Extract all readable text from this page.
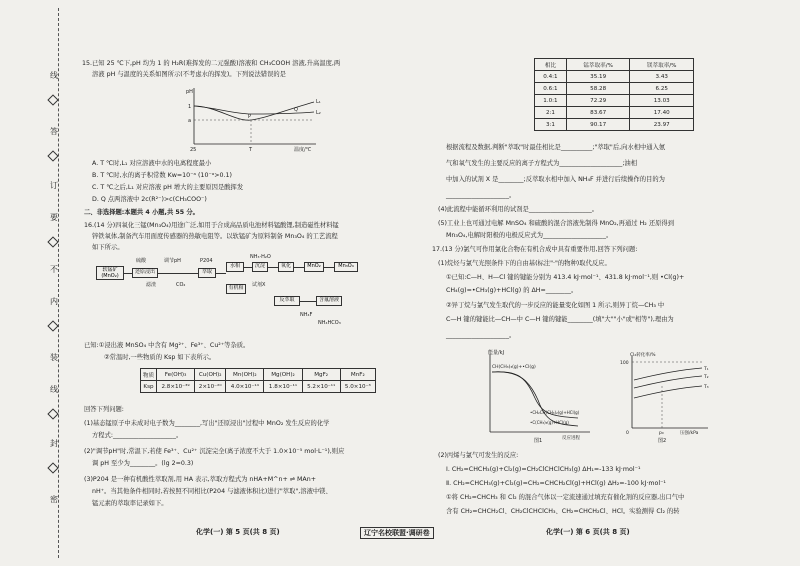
线
答
订
要
不
内
装
线
封
密
15.已知 25 ℃下,pH 均为 1 的 H₂R(难挥发的二元强酸)溶液和 CH₃COOH 溶液,升高温度,两
溶液 pH 与温度的关系如图所示(不考虑水的挥发)。下列说法错误的是
pH
1
a
25	T
P
Q
L₁
L₂
温度/℃
A. T ℃时,L₁ 对应溶液中水的电离程度最小
B. T ℃时,水的离子积常数 Kw=10⁻ᵃ (10⁻ᵃ>0.1)
C. T ℃之后,L₁ 对应溶液 pH 增大的主要原因是酸挥发
D. Q 点两溶液中 2c(R²⁻)>c(CH₃COO⁻)
二、非选择题:本题共 4 小题,共 55 分。
16.(14 分)四氧化三锰(Mn₃O₄)用途广泛,如用于合成高品质电池材料锰酸锂,制造磁性材料锰
锌铁氧体,制备汽车用面度传感器的热敏电阻等。以软锰矿为原料制备 Mn₃O₄ 的工艺流程
如下所示。
软锰矿 (MnO₂)
硫酸
还原浸出
调节pH
CO₂
P204
萃取
滤渣
水相
有机相
NH₃·H₂O
沉淀
试剂X
反萃取
氧化	MnO₂	Mn₃O₄
NH₄F
含氟溶液
NH₄HCO₃
已知:①浸出液 MnSO₄ 中含有 Mg²⁺、Fe³⁺、Cu²⁺等杂质。
②常温时,一些物质的 Ksp 如下表所示。
物质	Fe(OH)₃	Cu(OH)₂	Mn(OH)₂	Mg(OH)₂	MgF₂	MnF₂
Ksp	2.8×10⁻³⁹	2×10⁻²⁰	4.0×10⁻¹⁴	1.8×10⁻¹¹	5.2×10⁻¹¹	5.0×10⁻³
回答下列问题:
(1)基态锰原子中未成对电子数为________,写出"还原浸出"过程中 MnO₂ 发生反应的化学
方程式:____________________。
(2)"调节pH"时,常温下,若使 Fe³⁺、Cu²⁺ 沉淀完全(离子浓度不大于 1.0×10⁻⁵ mol·L⁻¹),则应
调 pH 至少为________。(lg 2=0.3)
(3)P204 是一种有机酸性萃取剂,用 HA 表示,萃取方程式为 nHA+M^n+ ⇌ MAn+
nH⁺。当其他条件相同时,若按照不同相比(P204 与滤液体积比)进行"萃取",溶液中镁、
锰元素的萃取率记录如下。
化学(一) 第 5 页(共 8 页)	辽宁名校联盟·调研卷
相比	锰萃取率/%	镁萃取率/%
0.4:1	35.19	3.43
0.6:1	58.28	6.25
1.0:1	72.29	13.03
2:1	83.67	17.40
3:1	90.17	23.97
根据流程及数据,判断"萃取"时最佳相比是__________;"萃取"后,向水相中通入氨
气和氧气发生的主要反应的离子方程式为____________________;油相
中加入的试剂 X 是________;反萃取水相中加入 NH₄F 并进行后续操作的目的为
____________________。
(4)此流程中能循环利用的试剂是____________________。
(5)工业上也可通过电解 MnSO₄ 和硫酸的混合溶液先制得 MnO₂,再通过 H₂ 还原得到
Mn₃O₄,电解时阳极的电极反应式为____________________。
17.(13 分)氯气可作用氯化合物在有机合成中具有重要作用,回答下列问题:
(1)烷烃与氯气光照条件下的自由基(标注"·"的物种)取代反应。
①已知:C—H、H—Cl 键的键能分别为 413.4 kJ·mol⁻¹、431.8 kJ·mol⁻¹,则 •Cl(g)+
CH₄(g)=•CH₃(g)+HCl(g) 的 ΔH=________。
②异丁烷与氯气发生取代的一步反应的能量变化如图 1 所示,则异丁烷—CH₃ 中
C—H 键的键能比—CH—中 C—H 键的键能________(填"大""小"或"相等"),理由为
____________________。
能量/kJ
CH(CH₃)₃(g)+•Cl(g)
•CH₂CH(CH₃)₂(g)+HCl(g)
•C(CH₃)₃(g)+HCl(g)
反应进程
图1
Cl₂转化率/%
100
T₁
T₂
T₃
0	p₀	压强/kPa
图2
(2)丙烯与氯气可发生的反应:
Ⅰ. CH₂=CHCH₃(g)+Cl₂(g)=CH₂ClCHClCH₃(g) ΔH₁=-133 kJ·mol⁻¹
Ⅱ. CH₂=CHCH₃(g)+Cl₂(g)=CH₂=CHCH₂Cl(g)+HCl(g) ΔH₂=-100 kJ·mol⁻¹
①将 CH₂=CHCH₃ 和 Cl₂ 的混合气体以一定流速通过填充有催化剂的反应器,出口气中
含有 CH₂=CHCH₂Cl、CH₂ClCHClCH₃、CH₂=CHCH₂Cl、HCl。实验测得 Cl₂ 的转
化学(一) 第 6 页(共 8 页)
